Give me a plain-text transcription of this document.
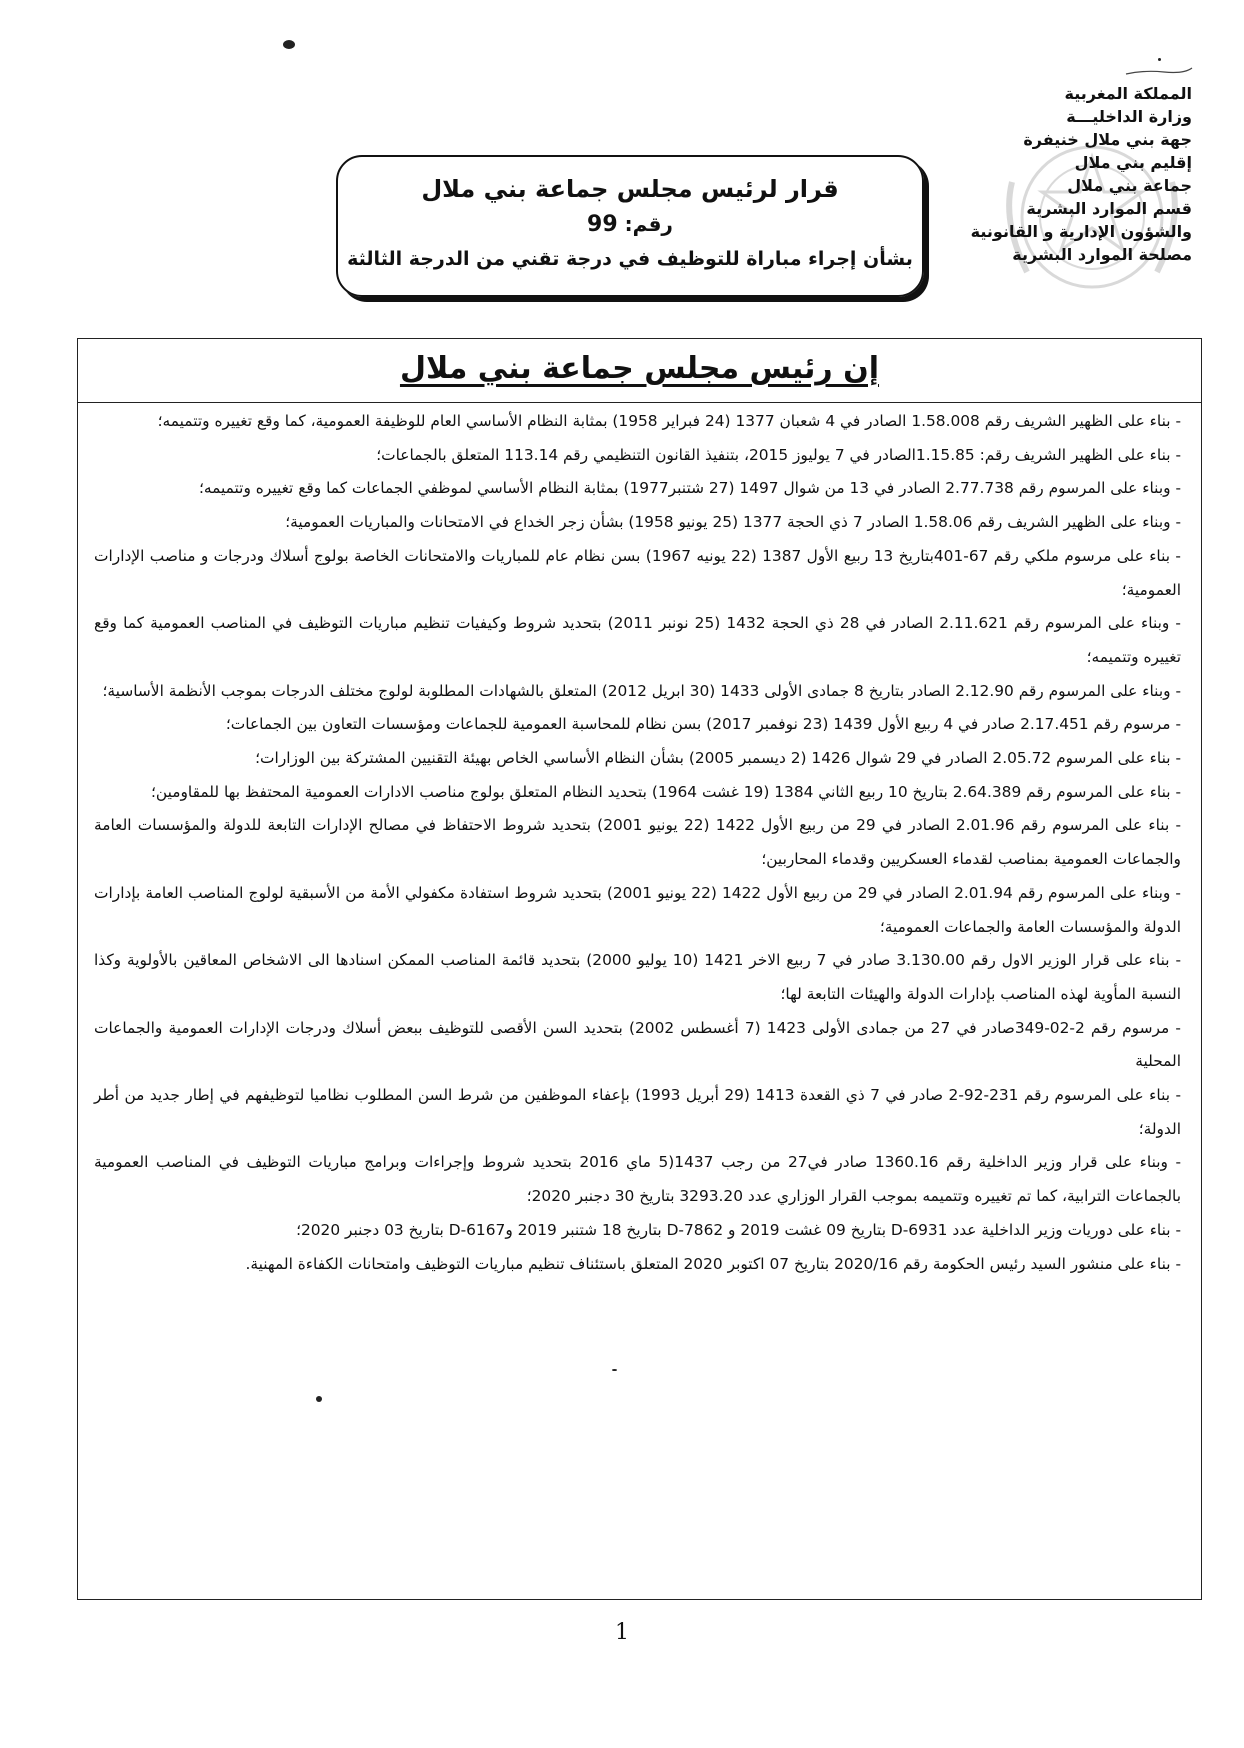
المملكة المغربية
وزارة الداخليـــة
جهة بني ملال خنيفرة
إقليم بني ملال
جماعة بني ملال
قسم الموارد البشرية
والشؤون الإدارية و القانونية
مصلحة الموارد البشرية
قرار لرئيس مجلس جماعة بني ملال
رقم: 99
بشأن إجراء مباراة للتوظيف في درجة تقني من الدرجة الثالثة
إن رئيس مجلس جماعة بني ملال

- بناء على الظهير الشريف رقم 1.58.008 الصادر في 4 شعبان 1377 (24 فبراير 1958) بمثابة النظام الأساسي العام للوظيفة العمومية، كما وقع تغييره وتتميمه؛

- بناء على الظهير الشريف رقم: 1.15.85الصادر في 7 يوليوز 2015، بتنفيذ القانون التنظيمي رقم 113.14 المتعلق بالجماعات؛

- وبناء على المرسوم رقم 2.77.738 الصادر في 13 من شوال 1497 (27 شتنبر1977) بمثابة النظام الأساسي لموظفي الجماعات كما وقع تغييره وتتميمه؛

- وبناء على الظهير الشريف رقم 1.58.06 الصادر 7 ذي الحجة 1377 (25 يونيو 1958) بشأن زجر الخداع في الامتحانات والمباريات العمومية؛

- بناء على مرسوم ملكي رقم 67-401بتاريخ 13 ربيع الأول 1387 (22 يونيه 1967) بسن نظام عام للمباريات والامتحانات الخاصة بولوج أسلاك ودرجات و مناصب الإدارات العمومية؛

- وبناء على المرسوم رقم 2.11.621 الصادر في 28 ذي الحجة 1432 (25 نونبر 2011) بتحديد شروط وكيفيات تنظيم مباريات التوظيف في المناصب العمومية كما وقع تغييره وتتميمه؛

- وبناء على المرسوم رقم 2.12.90 الصادر بتاريخ 8 جمادى الأولى 1433 (30 ابريل 2012) المتعلق بالشهادات المطلوبة لولوج مختلف الدرجات بموجب الأنظمة الأساسية؛

- مرسوم رقم 2.17.451 صادر في 4 ربيع الأول 1439 (23 نوفمبر 2017) بسن نظام للمحاسبة العمومية للجماعات ومؤسسات التعاون بين الجماعات؛

- بناء على المرسوم 2.05.72 الصادر في 29 شوال 1426 (2 ديسمبر 2005) بشأن النظام الأساسي الخاص بهيئة التقنيين المشتركة بين الوزارات؛

- بناء على المرسوم رقم 2.64.389 بتاريخ 10 ربيع الثاني 1384 (19 غشت 1964) بتحديد النظام المتعلق بولوج مناصب الادارات العمومية المحتفظ بها للمقاومين؛

- بناء على المرسوم رقم 2.01.96 الصادر في 29 من ربيع الأول 1422 (22 يونيو 2001) بتحديد شروط الاحتفاظ في مصالح الإدارات التابعة للدولة والمؤسسات العامة والجماعات العمومية بمناصب لقدماء العسكريين وقدماء المحاربين؛

- وبناء على المرسوم رقم 2.01.94 الصادر في 29 من ربيع الأول 1422 (22 يونيو 2001) بتحديد شروط استفادة مكفولي الأمة من الأسبقية لولوج المناصب العامة بإدارات الدولة والمؤسسات العامة والجماعات العمومية؛

- بناء على قرار الوزير الاول رقم 3.130.00 صادر في 7 ربيع الاخر 1421 (10 يوليو 2000) بتحديد قائمة المناصب الممكن اسنادها الى الاشخاص المعاقين بالأولوية وكذا النسبة المأوية لهذه المناصب بإدارات الدولة والهيئات التابعة لها؛

- مرسوم رقم 2-02-349صادر في 27 من جمادى الأولى 1423 (7 أغسطس 2002) بتحديد السن الأقصى للتوظيف ببعض أسلاك ودرجات الإدارات العمومية والجماعات المحلية

- بناء على المرسوم رقم 231-92-2 صادر في 7 ذي القعدة 1413 (29 أبريل 1993) بإعفاء الموظفين من شرط السن المطلوب نظاميا لتوظيفهم في إطار جديد من أطر الدولة؛

- وبناء على قرار وزير الداخلية رقم 1360.16 صادر في27 من رجب 1437(5 ماي 2016 بتحديد شروط وإجراءات وبرامج مباريات التوظيف في المناصب العمومية بالجماعات الترابية، كما تم تغييره وتتميمه بموجب القرار الوزاري عدد 3293.20 بتاريخ 30 دجنبر 2020؛

- بناء على دوريات وزير الداخلية عدد D-6931 بتاريخ 09 غشت 2019 و D-7862 بتاريخ 18 شتنبر 2019 وD-6167 بتاريخ 03 دجنبر 2020؛

- بناء على منشور السيد رئيس الحكومة رقم 2020/16 بتاريخ 07 اكتوبر 2020 المتعلق باستئناف تنظيم مباريات التوظيف وامتحانات الكفاءة المهنية.

1
